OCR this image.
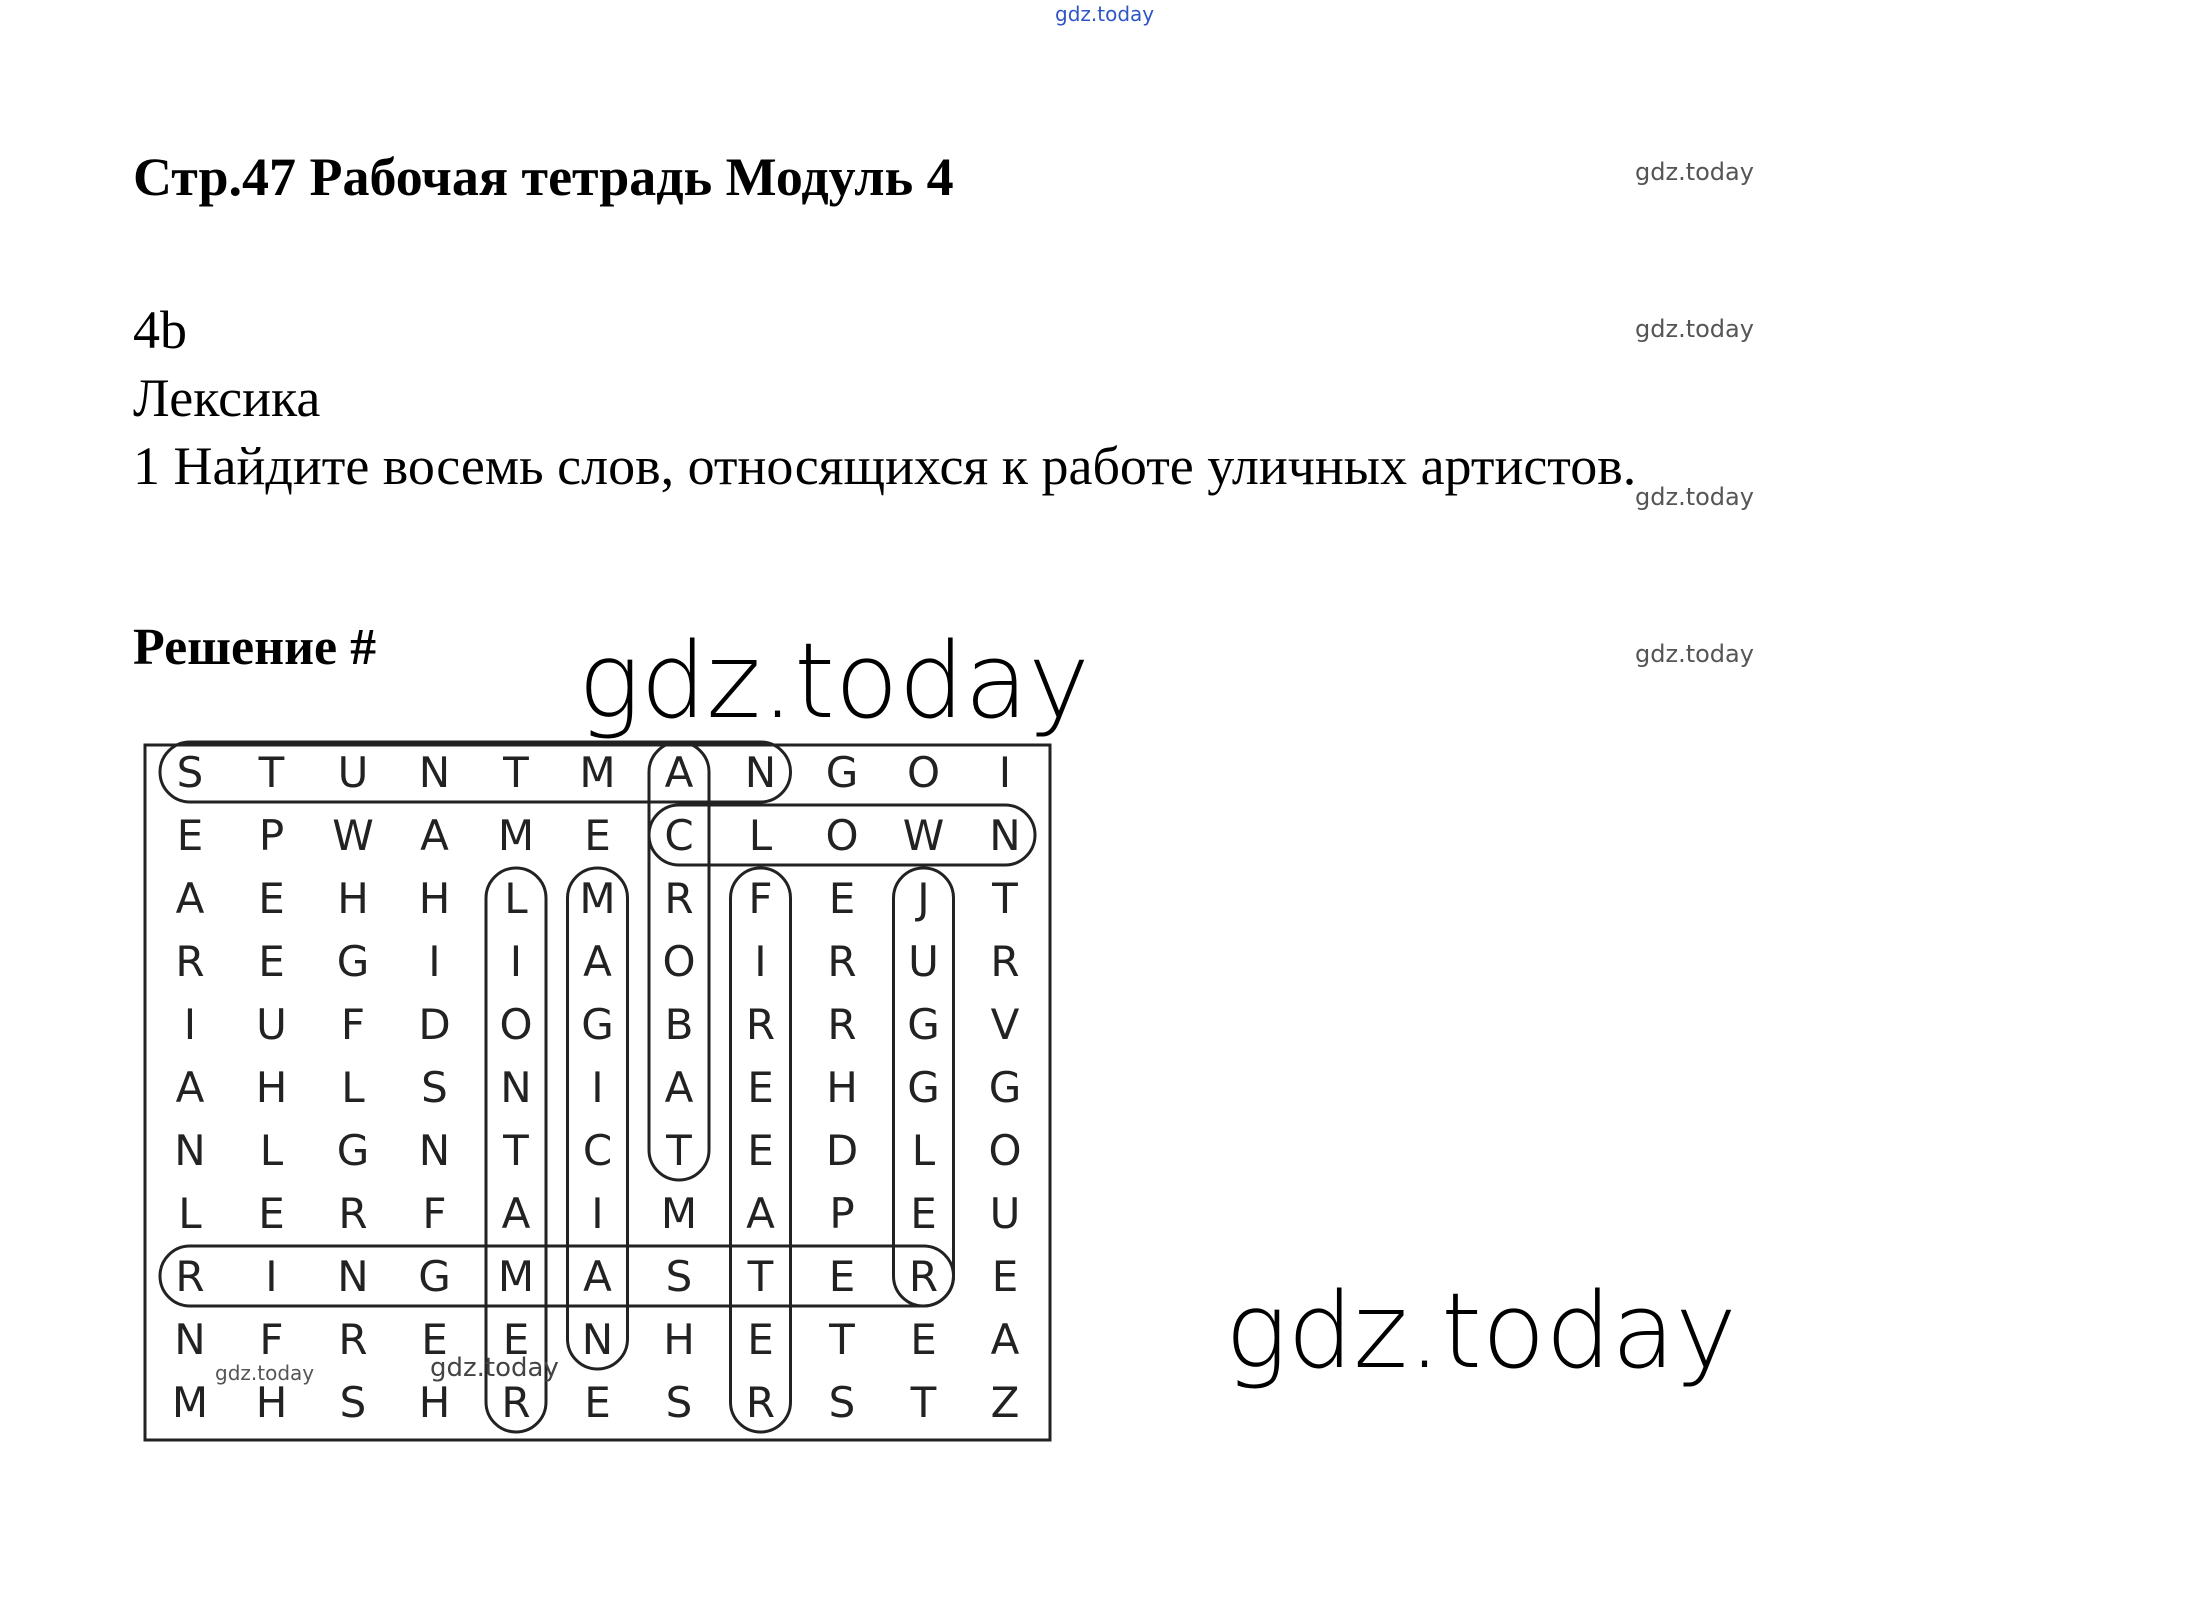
Стр.47 Рабочая тетрадь Модуль 4
4b
Лексика
1 Найдите восемь слов, относящихся к работе уличных артистов.
Решение #
gdz.today
gdz.today
gdz.today
gdz.today
gdz.today
gdz.today
gdz.today
S T U N T M A N G O I
E P W A M E C L O W N
A E H H L M R F E J T
R E G I I A O I R U R
I U F D O G B R R G V
A H L S N I A E H G G
N L G N T C T E D L O
L E R F A I M A P E U
R I N G M A S T E R E
N F R E E N H E T E A
M H S H R E S R S T Z
gdz.today	gdz.today
